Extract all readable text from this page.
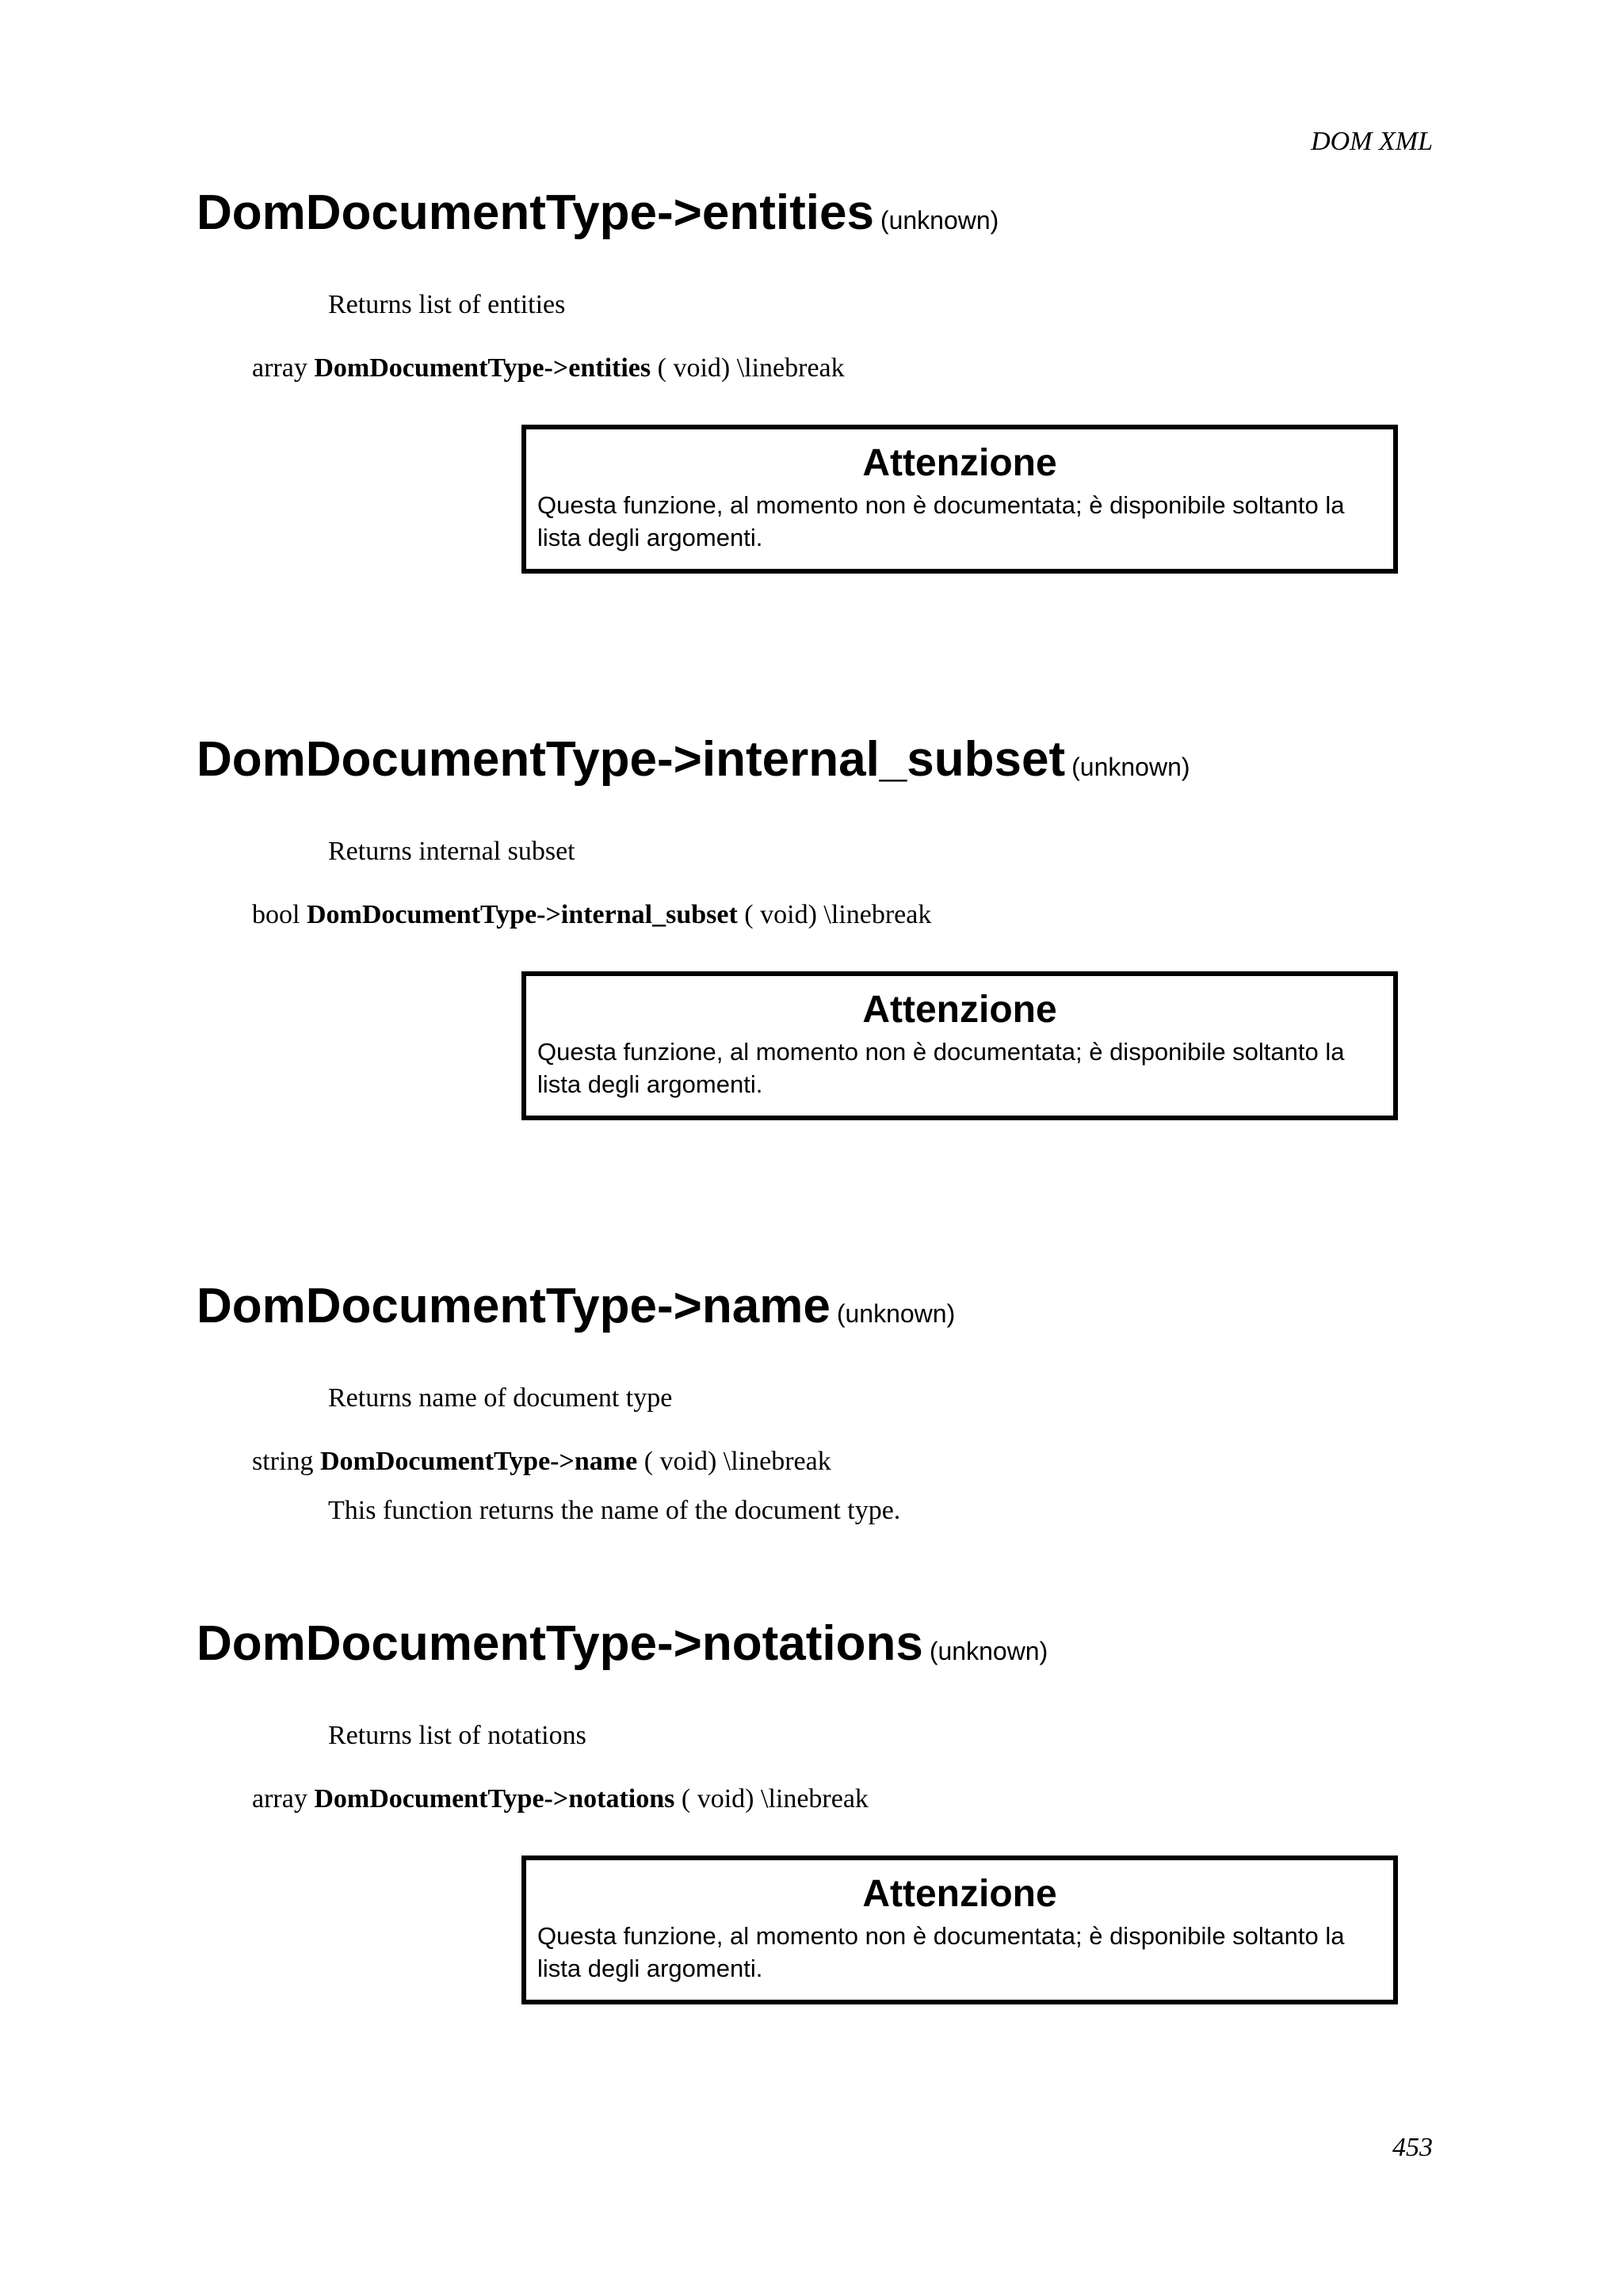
DOM XML
DomDocumentType->entities (unknown)

Returns list of entities

array DomDocumentType->entities ( void) \linebreak

Attenzione

Questa funzione, al momento non è documentata; è disponibile soltanto la lista degli argomenti.

DomDocumentType->internal_subset (unknown)

Returns internal subset

bool DomDocumentType->internal_subset ( void) \linebreak

Attenzione

Questa funzione, al momento non è documentata; è disponibile soltanto la lista degli argomenti.

DomDocumentType->name (unknown)

Returns name of document type

string DomDocumentType->name ( void) \linebreak

This function returns the name of the document type.

DomDocumentType->notations (unknown)

Returns list of notations

array DomDocumentType->notations ( void) \linebreak

Attenzione

Questa funzione, al momento non è documentata; è disponibile soltanto la lista degli argomenti.

453
